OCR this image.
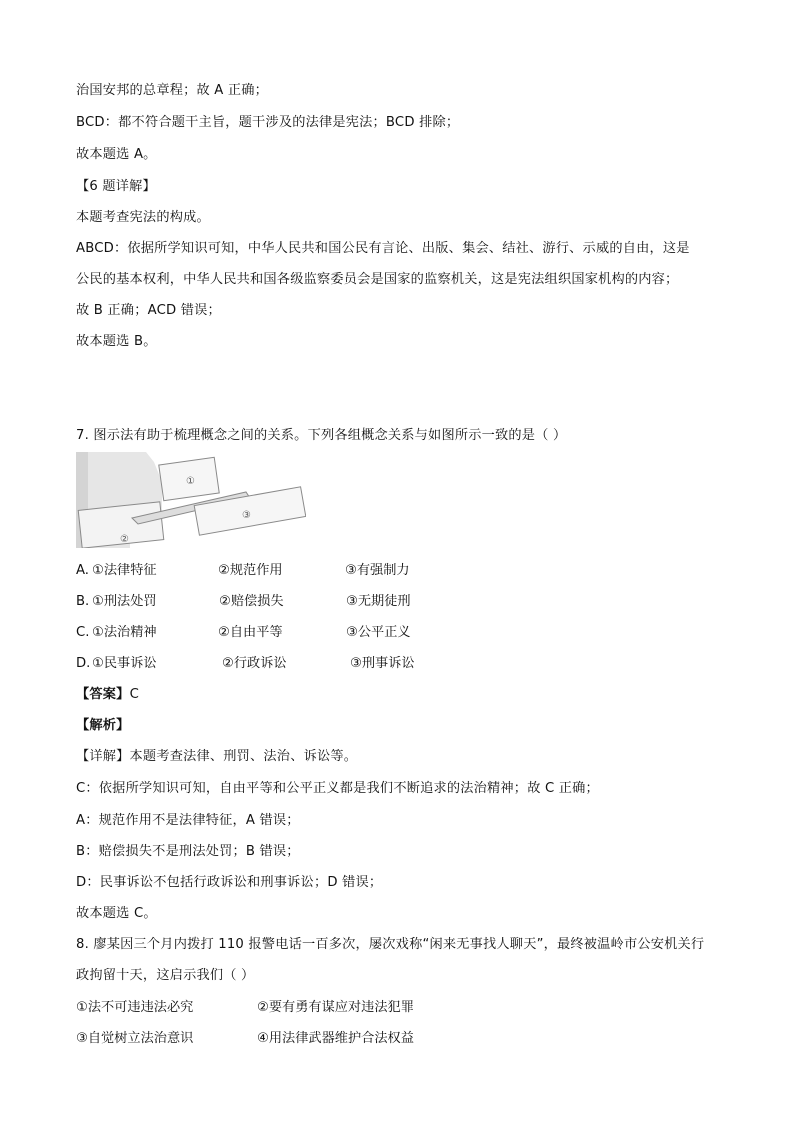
治国安邦的总章程；故 A 正确；
BCD：都不符合题干主旨，题干涉及的法律是宪法；BCD 排除；
故本题选 A。
【6 题详解】
本题考查宪法的构成。
ABCD：依据所学知识可知，中华人民共和国公民有言论、出版、集会、结社、游行、示威的自由，这是
公民的基本权利，中华人民共和国各级监察委员会是国家的监察机关，这是宪法组织国家机构的内容；
故 B 正确；ACD 错误；
故本题选 B。
7. 图示法有助于梳理概念之间的关系。下列各组概念关系与如图所示一致的是（ ）
①
②
③
A. ①法律特征	②规范作用	③有强制力
B. ①刑法处罚	②赔偿损失	③无期徒刑
C. ①法治精神	②自由平等	③公平正义
D. ①民事诉讼	②行政诉讼	③刑事诉讼
【答案】C
【解析】
【详解】本题考查法律、刑罚、法治、诉讼等。
C：依据所学知识可知，自由平等和公平正义都是我们不断追求的法治精神；故 C 正确；
A：规范作用不是法律特征，A 错误；
B：赔偿损失不是刑法处罚；B 错误；
D：民事诉讼不包括行政诉讼和刑事诉讼；D 错误；
故本题选 C。
8. 廖某因三个月内拨打 110 报警电话一百多次，屡次戏称“闲来无事找人聊天”，最终被温岭市公安机关行
政拘留十天，这启示我们（ ）
①法不可违违法必究	②要有勇有谋应对违法犯罪
③自觉树立法治意识	④用法律武器维护合法权益
